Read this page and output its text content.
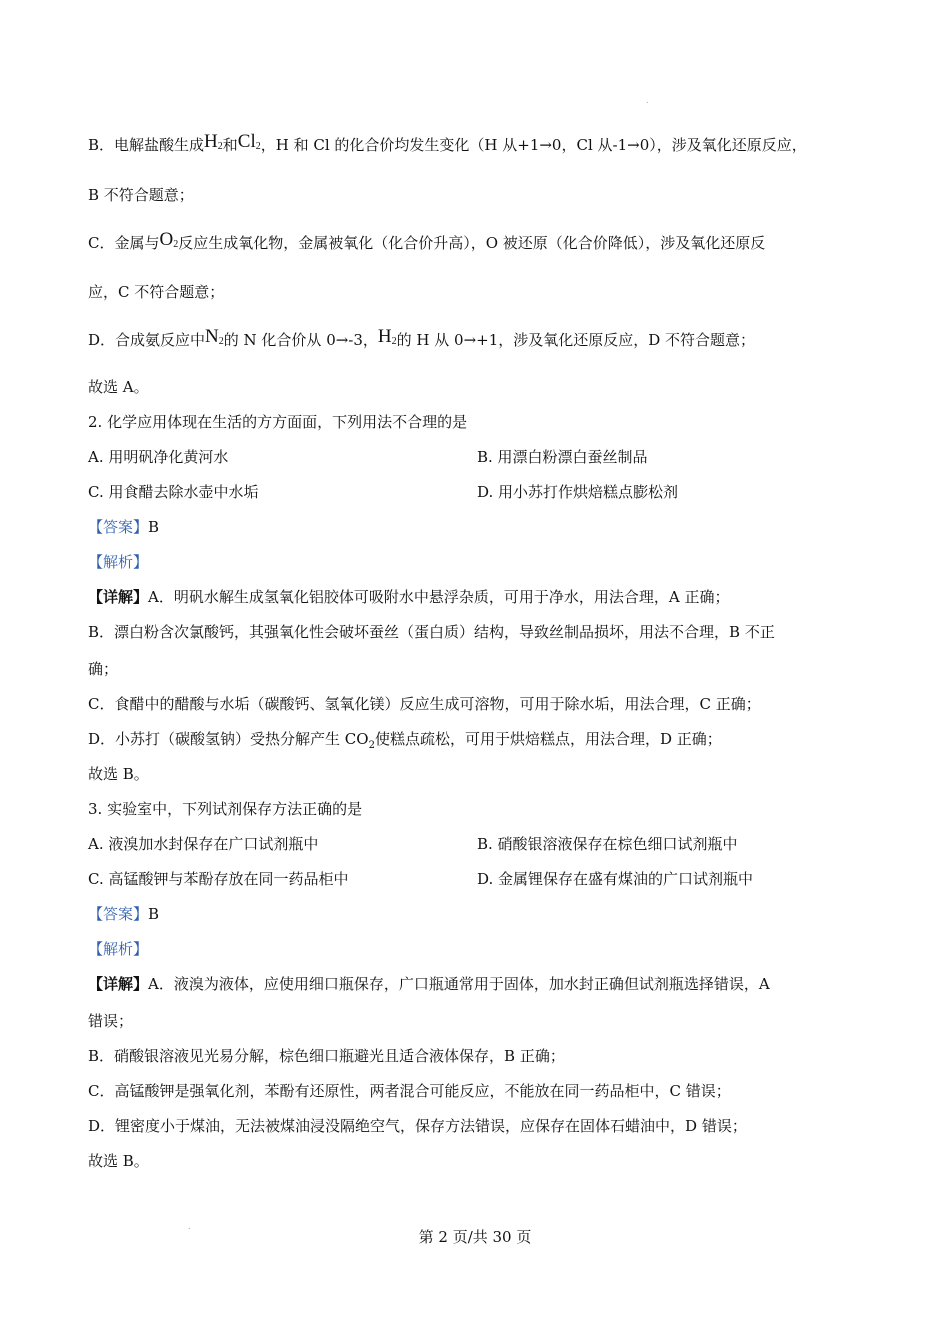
.
B．电解盐酸生成$H_2$和$Cl_2$，H 和 Cl 的化合价均发生变化（H 从+1→0，Cl 从-1→0），涉及氧化还原反应，
B 不符合题意；
C．金属与$O_2$反应生成氧化物，金属被氧化（化合价升高），O 被还原（化合价降低），涉及氧化还原反
应，C 不符合题意；
D．合成氨反应中$N_2$的 N 化合价从 0→-3，$H_2$的 H 从 0→+1，涉及氧化还原反应，D 不符合题意；
故选 A。
2. 化学应用体现在生活的方方面面，下列用法不合理的是
A. 用明矾净化黄河水	B. 用漂白粉漂白蚕丝制品
C. 用食醋去除水壶中水垢	D. 用小苏打作烘焙糕点膨松剂
【答案】B
【解析】
【详解】A．明矾水解生成氢氧化铝胶体可吸附水中悬浮杂质，可用于净水，用法合理，A 正确；
B．漂白粉含次氯酸钙，其强氧化性会破坏蚕丝（蛋白质）结构，导致丝制品损坏，用法不合理，B 不正
确；
C．食醋中的醋酸与水垢（碳酸钙、氢氧化镁）反应生成可溶物，可用于除水垢，用法合理，C 正确；
D．小苏打（碳酸氢钠）受热分解产生 $CO_2$使糕点疏松，可用于烘焙糕点，用法合理，D 正确；
故选 B。
3. 实验室中，下列试剂保存方法正确的是
A. 液溴加水封保存在广口试剂瓶中	B. 硝酸银溶液保存在棕色细口试剂瓶中
C. 高锰酸钾与苯酚存放在同一药品柜中	D. 金属锂保存在盛有煤油的广口试剂瓶中
【答案】B
【解析】
【详解】A．液溴为液体，应使用细口瓶保存，广口瓶通常用于固体，加水封正确但试剂瓶选择错误，A
错误；
B．硝酸银溶液见光易分解，棕色细口瓶避光且适合液体保存，B 正确；
C．高锰酸钾是强氧化剂，苯酚有还原性，两者混合可能反应，不能放在同一药品柜中，C 错误；
D．锂密度小于煤油，无法被煤油浸没隔绝空气，保存方法错误，应保存在固体石蜡油中，D 错误；
故选 B。
.
第 2 页/共 30 页
